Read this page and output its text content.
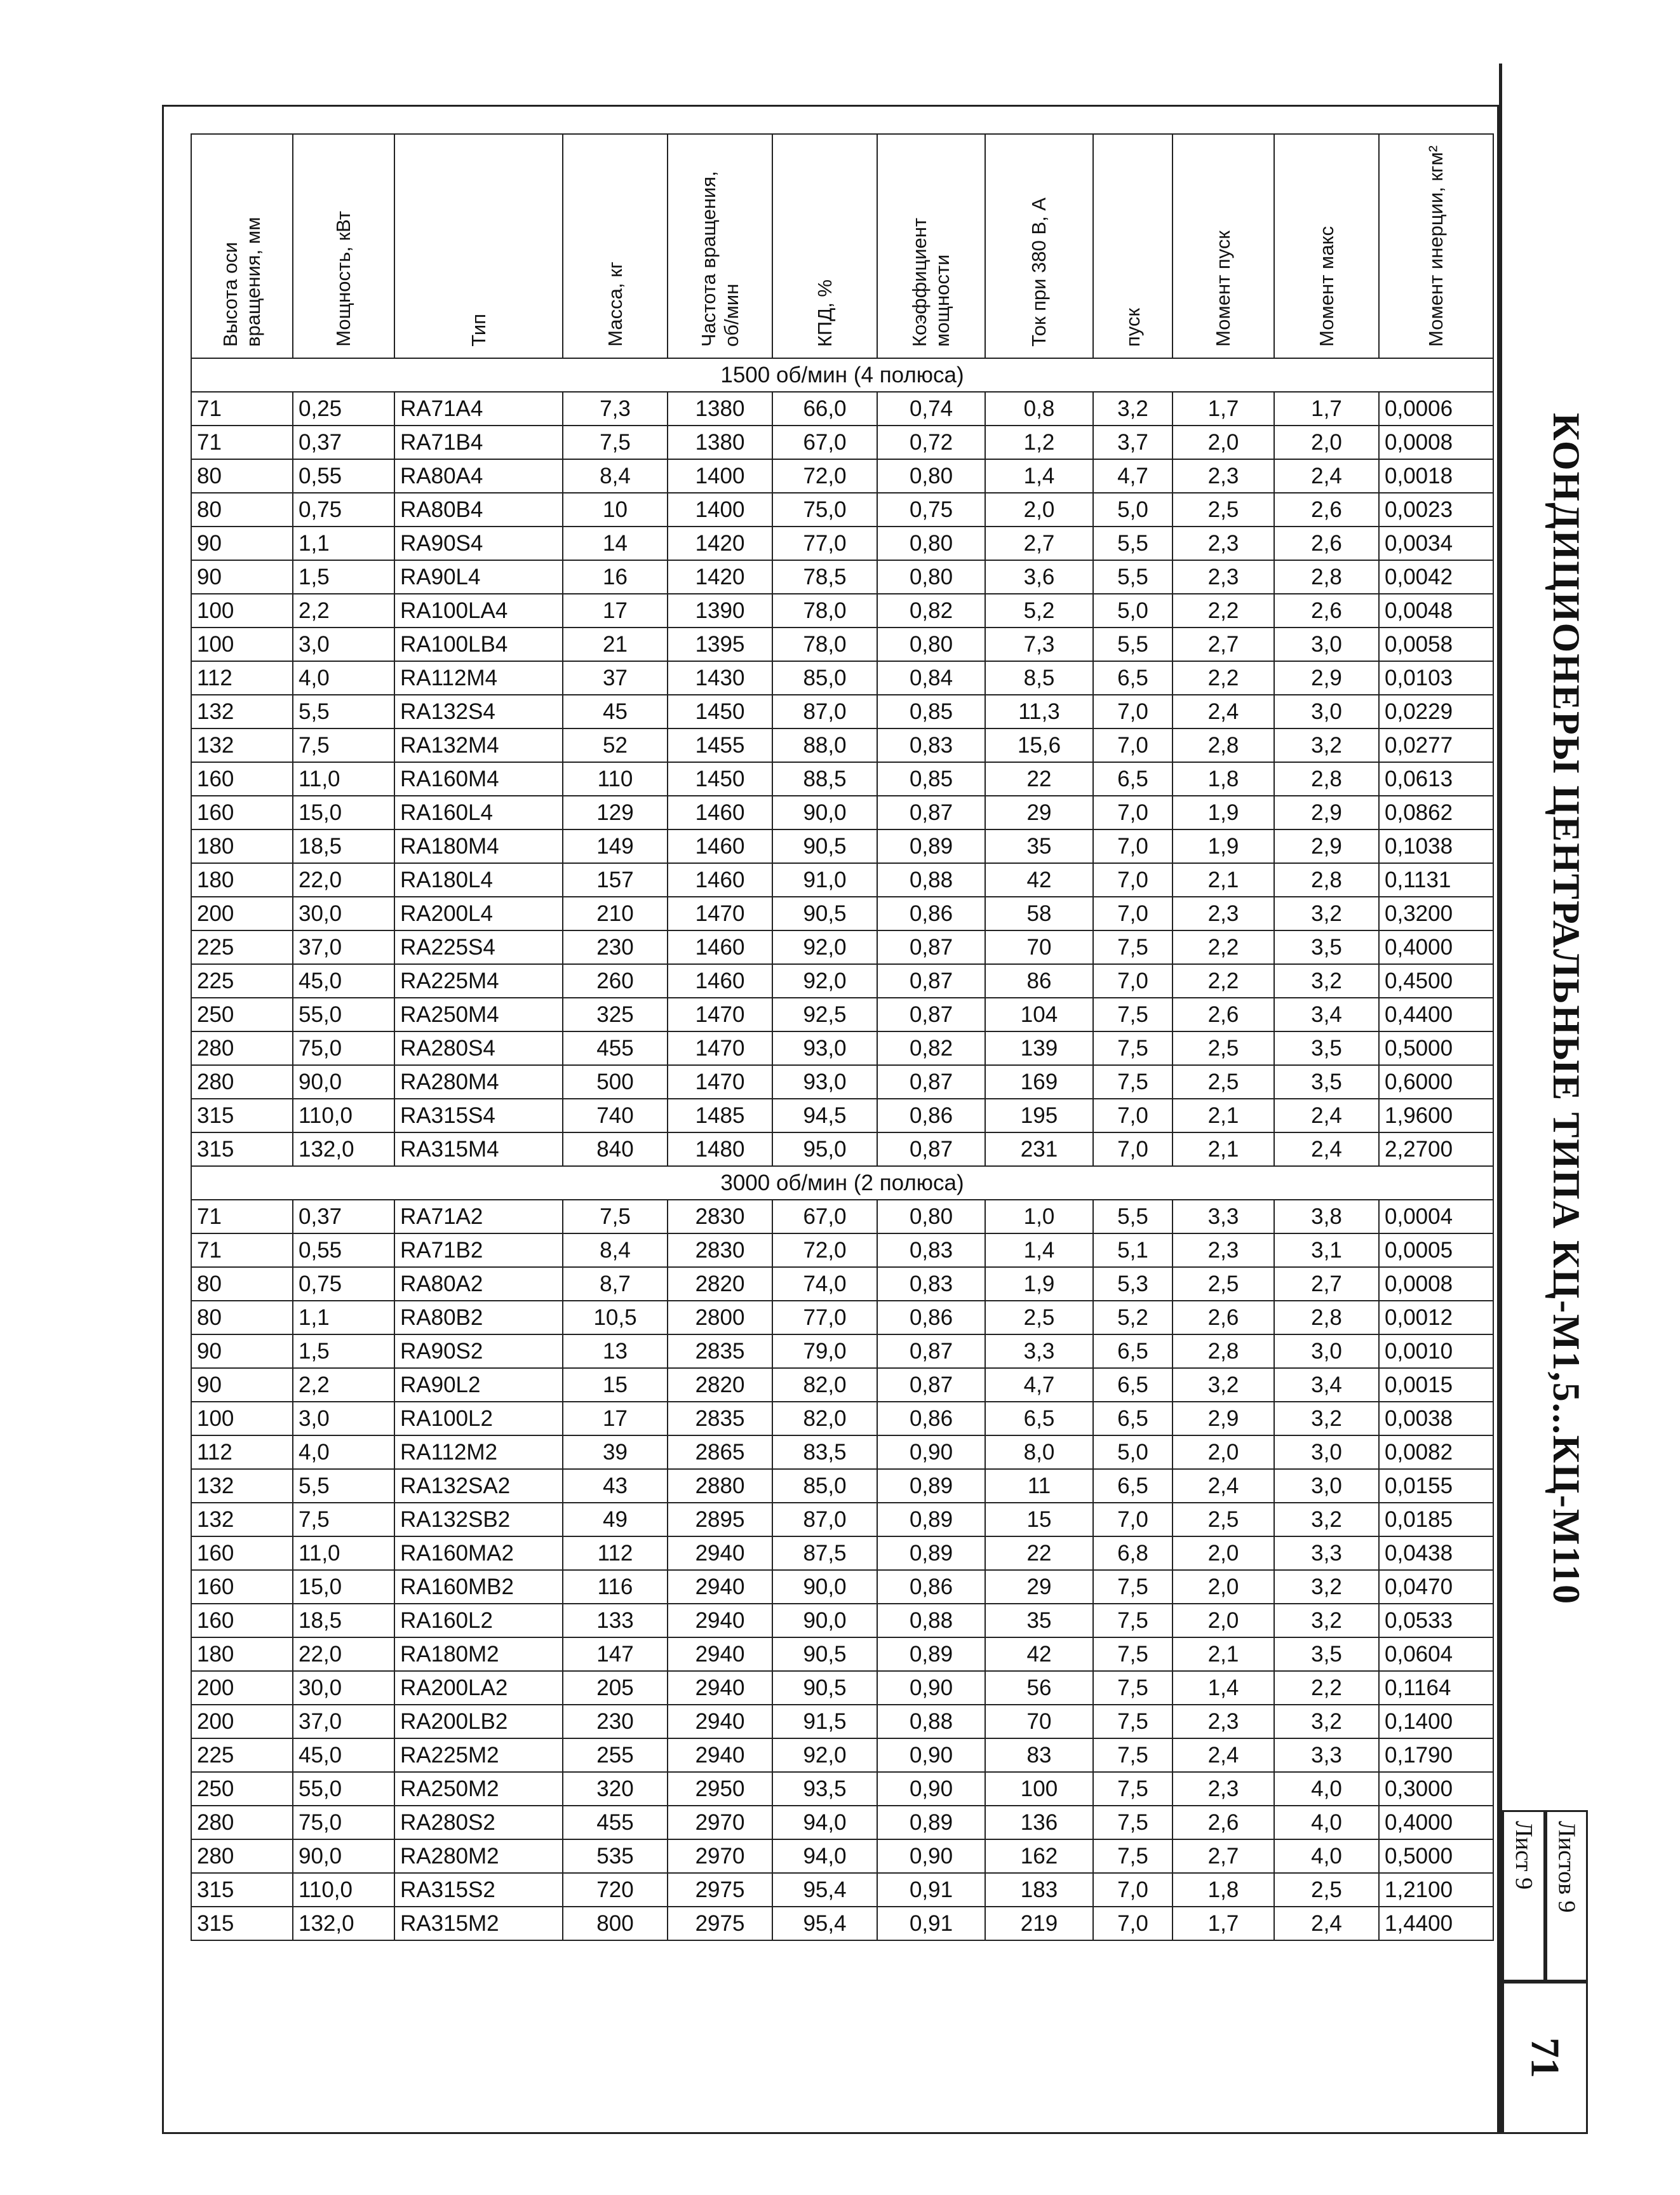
КОНДИЦИОНЕРЫ ЦЕНТРАЛЬНЫЕ ТИПА КЦ-М1,5...КЦ-М110
Лист 9 Листов 9
71
Высота оси вращения, мм	Мощность, кВт	Тип	Масса, кг	Частота вращения, об/мин	КПД, %	Коэффициент мощности	Ток при 380 В, А	пуск	Момент пуск	Момент макс	Момент инерции, кгм²
1500 об/мин (4 полюса)											
71	0,25	RA71A4	7,3	1380	66,0	0,74	0,8	3,2	1,7	1,7	0,0006
71	0,37	RA71B4	7,5	1380	67,0	0,72	1,2	3,7	2,0	2,0	0,0008
80	0,55	RA80A4	8,4	1400	72,0	0,80	1,4	4,7	2,3	2,4	0,0018
80	0,75	RA80B4	10	1400	75,0	0,75	2,0	5,0	2,5	2,6	0,0023
90	1,1	RA90S4	14	1420	77,0	0,80	2,7	5,5	2,3	2,6	0,0034
90	1,5	RA90L4	16	1420	78,5	0,80	3,6	5,5	2,3	2,8	0,0042
100	2,2	RA100LA4	17	1390	78,0	0,82	5,2	5,0	2,2	2,6	0,0048
100	3,0	RA100LB4	21	1395	78,0	0,80	7,3	5,5	2,7	3,0	0,0058
112	4,0	RA112M4	37	1430	85,0	0,84	8,5	6,5	2,2	2,9	0,0103
132	5,5	RA132S4	45	1450	87,0	0,85	11,3	7,0	2,4	3,0	0,0229
132	7,5	RA132M4	52	1455	88,0	0,83	15,6	7,0	2,8	3,2	0,0277
160	11,0	RA160M4	110	1450	88,5	0,85	22	6,5	1,8	2,8	0,0613
160	15,0	RA160L4	129	1460	90,0	0,87	29	7,0	1,9	2,9	0,0862
180	18,5	RA180M4	149	1460	90,5	0,89	35	7,0	1,9	2,9	0,1038
180	22,0	RA180L4	157	1460	91,0	0,88	42	7,0	2,1	2,8	0,1131
200	30,0	RA200L4	210	1470	90,5	0,86	58	7,0	2,3	3,2	0,3200
225	37,0	RA225S4	230	1460	92,0	0,87	70	7,5	2,2	3,5	0,4000
225	45,0	RA225M4	260	1460	92,0	0,87	86	7,0	2,2	3,2	0,4500
250	55,0	RA250M4	325	1470	92,5	0,87	104	7,5	2,6	3,4	0,4400
280	75,0	RA280S4	455	1470	93,0	0,82	139	7,5	2,5	3,5	0,5000
280	90,0	RA280M4	500	1470	93,0	0,87	169	7,5	2,5	3,5	0,6000
315	110,0	RA315S4	740	1485	94,5	0,86	195	7,0	2,1	2,4	1,9600
315	132,0	RA315M4	840	1480	95,0	0,87	231	7,0	2,1	2,4	2,2700
3000 об/мин (2 полюса)											
71	0,37	RA71A2	7,5	2830	67,0	0,80	1,0	5,5	3,3	3,8	0,0004
71	0,55	RA71B2	8,4	2830	72,0	0,83	1,4	5,1	2,3	3,1	0,0005
80	0,75	RA80A2	8,7	2820	74,0	0,83	1,9	5,3	2,5	2,7	0,0008
80	1,1	RA80B2	10,5	2800	77,0	0,86	2,5	5,2	2,6	2,8	0,0012
90	1,5	RA90S2	13	2835	79,0	0,87	3,3	6,5	2,8	3,0	0,0010
90	2,2	RA90L2	15	2820	82,0	0,87	4,7	6,5	3,2	3,4	0,0015
100	3,0	RA100L2	17	2835	82,0	0,86	6,5	6,5	2,9	3,2	0,0038
112	4,0	RA112M2	39	2865	83,5	0,90	8,0	5,0	2,0	3,0	0,0082
132	5,5	RA132SA2	43	2880	85,0	0,89	11	6,5	2,4	3,0	0,0155
132	7,5	RA132SB2	49	2895	87,0	0,89	15	7,0	2,5	3,2	0,0185
160	11,0	RA160MA2	112	2940	87,5	0,89	22	6,8	2,0	3,3	0,0438
160	15,0	RA160MB2	116	2940	90,0	0,86	29	7,5	2,0	3,2	0,0470
160	18,5	RA160L2	133	2940	90,0	0,88	35	7,5	2,0	3,2	0,0533
180	22,0	RA180M2	147	2940	90,5	0,89	42	7,5	2,1	3,5	0,0604
200	30,0	RA200LA2	205	2940	90,5	0,90	56	7,5	1,4	2,2	0,1164
200	37,0	RA200LB2	230	2940	91,5	0,88	70	7,5	2,3	3,2	0,1400
225	45,0	RA225M2	255	2940	92,0	0,90	83	7,5	2,4	3,3	0,1790
250	55,0	RA250M2	320	2950	93,5	0,90	100	7,5	2,3	4,0	0,3000
280	75,0	RA280S2	455	2970	94,0	0,89	136	7,5	2,6	4,0	0,4000
280	90,0	RA280M2	535	2970	94,0	0,90	162	7,5	2,7	4,0	0,5000
315	110,0	RA315S2	720	2975	95,4	0,91	183	7,0	1,8	2,5	1,2100
315	132,0	RA315M2	800	2975	95,4	0,91	219	7,0	1,7	2,4	1,4400
